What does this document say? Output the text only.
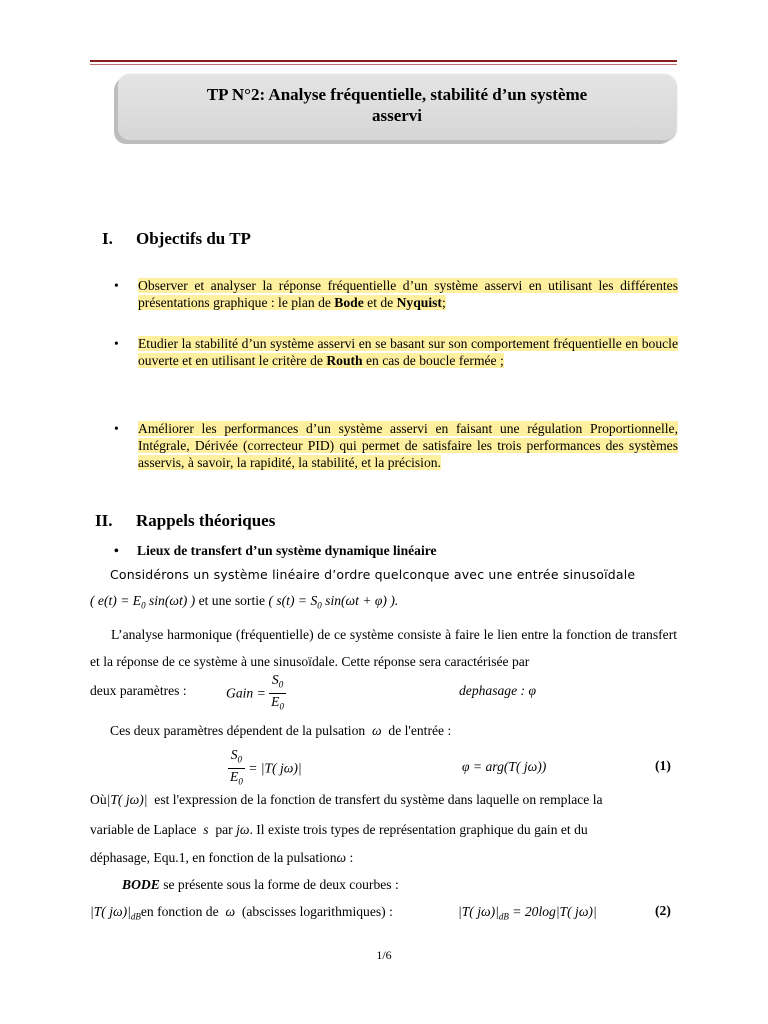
TP N°2: Analyse fréquentielle, stabilité d’un système
asservi
I. Objectifs du TP
• Observer et analyser la réponse fréquentielle d’un système asservi en utilisant les différentes présentations graphique : le plan de Bode et de Nyquist;
• Etudier la stabilité d’un système asservi en se basant sur son comportement fréquentielle en boucle ouverte et en utilisant le critère de Routh en cas de boucle fermée ;
• Améliorer les performances d’un système asservi en faisant une régulation Proportionnelle, Intégrale, Dérivée (correcteur PID) qui permet de satisfaire les trois performances des systèmes asservis, à savoir, la rapidité, la stabilité, et la précision.
II. Rappels théoriques
• Lieux de transfert d’un système dynamique linéaire
Considérons un système linéaire d’ordre quelconque avec une entrée sinusoïdale
( $e(t) = E_0$ sin(ωt) ) et une sortie ( $s(t) = S_0$ sin(ωt + φ) ).
L’analyse harmonique (fréquentielle) de ce système consiste à faire le lien entre la fonction de transfert et la réponse de ce système à une sinusoïdale. Cette réponse sera caractérisée par
deux paramètres :	Gain = $\frac{S_0}{E_0}$	dephasage : φ
Ces deux paramètres dépendent de la pulsation ω de l'entrée :
$\frac{S_0}{E_0} = |T$( jω)|	φ = arg(T( jω))	(1)
Où|T( jω)| est l'expression de la fonction de transfert du système dans laquelle on remplace la
variable de Laplace s par jω. Il existe trois types de représentation graphique du gain et du
déphasage, Equ.1, en fonction de la pulsationω :
BODE se présente sous la forme de deux courbes :
|T( $j\omega)|_{dB}en$ fonction de ω (abscisses logarithmiques) :	|T( $j\omega)|_{dB} = 20\log|T$( jω)|	(2)
1/6
